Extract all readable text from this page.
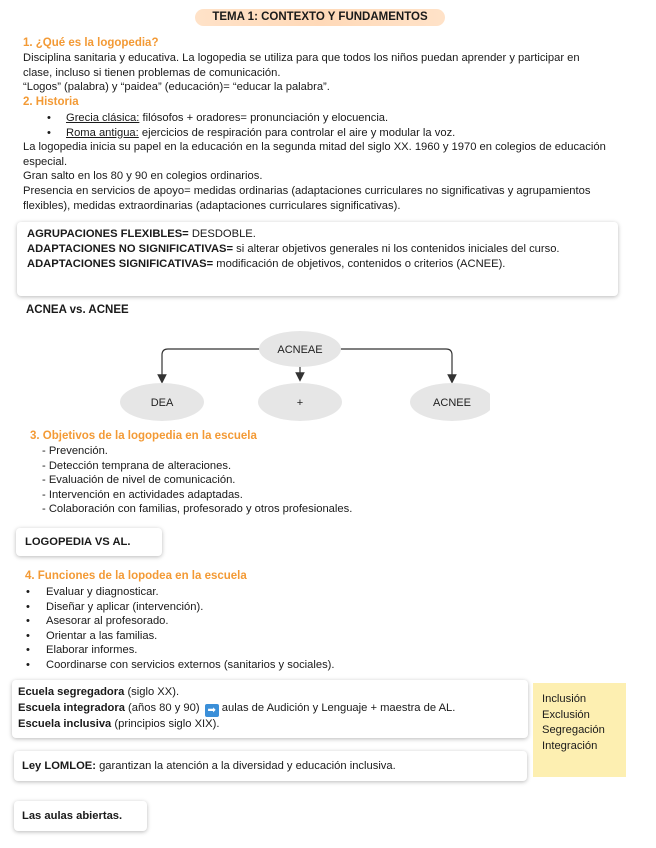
TEMA 1: CONTEXTO Y FUNDAMENTOS
1. ¿Qué es la logopedia?
Disciplina sanitaria y educativa. La logopedia se utiliza para que todos los niños puedan aprender y participar en clase, incluso si tienen problemas de comunicación.
“Logos” (palabra) y “paidea” (educación)= “educar la palabra”.
2. Historia
• Grecia clásica: filósofos + oradores= pronunciación y elocuencia.
• Roma antigua: ejercicios de respiración para controlar el aire y modular la voz.
La logopedia inicia su papel en la educación en la segunda mitad del siglo XX. 1960 y 1970 en colegios de educación especial.
Gran salto en los 80 y 90 en colegios ordinarios.
Presencia en servicios de apoyo= medidas ordinarias (adaptaciones curriculares no significativas y agrupamientos flexibles), medidas extraordinarias (adaptaciones curriculares significativas).
AGRUPACIONES FLEXIBLES= DESDOBLE.
ADAPTACIONES NO SIGNIFICATIVAS= si alterar objetivos generales ni los contenidos iniciales del curso.
ADAPTACIONES SIGNIFICATIVAS= modificación de objetivos, contenidos o criterios (ACNEE).
ACNEA vs. ACNEE
ACNEAE
DEA	+	ACNEE
3. Objetivos de la logopedia en la escuela
- Prevención.
- Detección temprana de alteraciones.
- Evaluación de nivel de comunicación.
- Intervención en actividades adaptadas.
- Colaboración con familias, profesorado y otros profesionales.
LOGOPEDIA VS AL.
4. Funciones de la lopodea en la escuela
• Evaluar y diagnosticar.
• Diseñar y aplicar (intervención).
• Asesorar al profesorado.
• Orientar a las familias.
• Elaborar informes.
• Coordinarse con servicios externos (sanitarios y sociales).
Ecuela segregadora (siglo XX).
Escuela integradora (años 80 y 90) ➡ aulas de Audición y Lenguaje + maestra de AL.
Escuela inclusiva (principios siglo XIX).
Inclusión
Exclusión
Segregación
Integración
Ley LOMLOE: garantizan la atención a la diversidad y educación inclusiva.
Las aulas abiertas.
